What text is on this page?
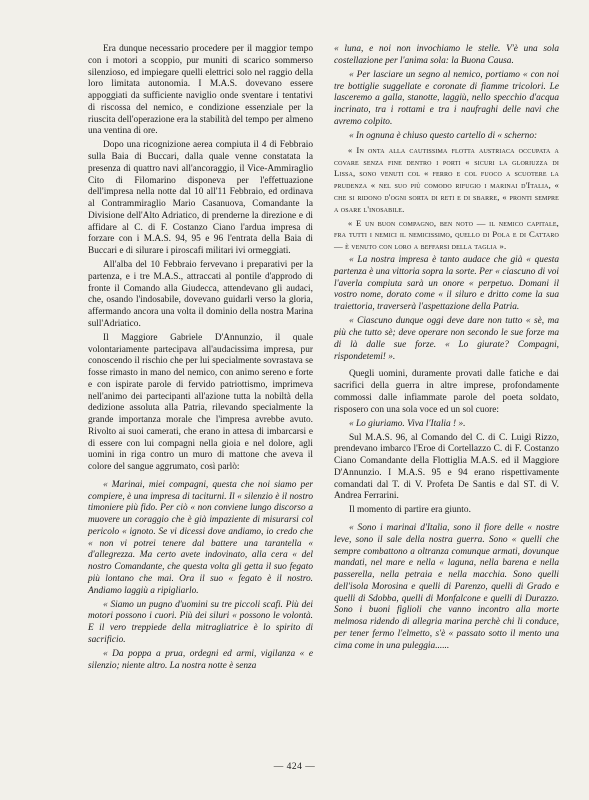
Era dunque necessario procedere per il maggior tempo con i motori a scoppio, pur muniti di scarico sommerso silenzioso, ed impiegare quelli elettrici solo nel raggio della loro limitata autonomia. I M.A.S. dovevano essere appoggiati da sufficiente naviglio onde sventare i tentativi di riscossa del nemico, e condizione essenziale per la riuscita dell'operazione era la stabilità del tempo per almeno una ventina di ore.

Dopo una ricognizione aerea compiuta il 4 di Febbraio sulla Baia di Buccari, dalla quale venne constatata la presenza di quattro navi all'ancoraggio, il Vice-Ammiraglio Cito di Filomarino disponeva per l'effettuazione dell'impresa nella notte dal 10 all'11 Febbraio, ed ordinava al Contrammiraglio Mario Casanuova, Comandante la Divisione dell'Alto Adriatico, di prenderne la direzione e di affidare al C. di F. Costanzo Ciano l'ardua impresa di forzare con i M.A.S. 94, 95 e 96 l'entrata della Baia di Buccari e di silurare i piroscafi militari ivi ormeggiati.

All'alba del 10 Febbraio fervevano i preparativi per la partenza, e i tre M.A.S., attraccati al pontile d'approdo di fronte il Comando alla Giudecca, attendevano gli audaci, che, osando l'indosabile, dovevano guidarli verso la gloria, affermando ancora una volta il dominio della nostra Marina sull'Adriatico.

Il Maggiore Gabriele D'Annunzio, il quale volontariamente partecipava all'audacissima impresa, pur conoscendo il rischio che per lui specialmente sovrastava se fosse rimasto in mano del nemico, con animo sereno e forte e con ispirate parole di fervido patriottismo, imprimeva nell'animo dei partecipanti all'azione tutta la nobiltà della dedizione assoluta alla Patria, rilevando specialmente la grande importanza morale che l'impresa avrebbe avuto. Rivolto ai suoi camerati, che erano in attesa di imbarcarsi e di essere con lui compagni nella gioia e nel dolore, agli uomini in riga contro un muro di mattone che aveva il colore del sangue aggrumato, così parlò:

« Marinai, miei compagni, questa che noi siamo per compiere, è una impresa di taciturni. Il « silenzio è il nostro timoniere più fido. Per ciò « non conviene lungo discorso a muovere un coraggio che è già impaziente di misurarsi col pericolo « ignoto. Se vi dicessi dove andiamo, io credo che « non vi potrei tenere dal battere una tarantella « d'allegrezza. Ma certo avete indovinato, alla cera « del nostro Comandante, che questa volta gli getta il suo fegato più lontano che mai. Ora il suo « fegato è il nostro. Andiamo laggiù a ripigliarlo.

« Siamo un pugno d'uomini su tre piccoli scafi. Più dei motori possono i cuori. Più dei siluri « possono le volontà. E il vero treppiede della mitragliatrice è lo spirito di sacrificio.

« Da poppa a prua, ordegni ed armi, vigilanza « e silenzio; niente altro. La nostra notte è senza

« luna, e noi non invochiamo le stelle. V'è una sola costellazione per l'anima sola: la Buona Causa.

« Per lasciare un segno al nemico, portiamo « con noi tre bottiglie suggellate e coronate di fiamme tricolori. Le lasceremo a galla, stanotte, laggiù, nello specchio d'acqua incrinato, tra i rottami e tra i naufraghi delle navi che avremo colpito.

« In ognuna è chiuso questo cartello di « scherno:

« In onta alla cautissima flotta austriaca occupata a covare senza fine dentro i porti « sicuri la gloriuzza di Lissa, sono venuti col « ferro e col fuoco a scuotere la prudenza « nel suo più comodo rifugio i marinai d'Italia, « che si ridono d'ogni sorta di reti e di sbarre, « pronti sempre a osare l'inosabile.

« E un buon compagno, ben noto — il nemico capitale, fra tutti i nemici il nemicissimo, quello di Pola e di Cattaro — è venuto con loro a beffarsi della taglia ».

« La nostra impresa è tanto audace che già « questa partenza è una vittoria sopra la sorte. Per « ciascuno di voi l'averla compiuta sarà un onore « perpetuo. Domani il vostro nome, dorato come « il siluro e dritto come la sua traiettoria, traverserà l'aspettazione della Patria.

« Ciascuno dunque oggi deve dare non tutto « sè, ma più che tutto sè; deve operare non secondo le sue forze ma di là dalle sue forze. « Lo giurate? Compagni, rispondetemi! ».

Quegli uomini, duramente provati dalle fatiche e dai sacrifici della guerra in altre imprese, profondamente commossi dalle infiammate parole del poeta soldato, risposero con una sola voce ed un sol cuore:

« Lo giuriamo. Viva l'Italia ! ».

Sul M.A.S. 96, al Comando del C. di C. Luigi Rizzo, prendevano imbarco l'Eroe di Cortellazzo C. di F. Costanzo Ciano Comandante della Flottiglia M.A.S. ed il Maggiore D'Annunzio. I M.A.S. 95 e 94 erano rispettivamente comandati dal T. di V. Profeta De Santis e dal ST. di V. Andrea Ferrarini.

Il momento di partire era giunto.

« Sono i marinai d'Italia, sono il fiore delle « nostre leve, sono il sale della nostra guerra. Sono « quelli che sempre combattono a oltranza comunque armati, dovunque mandati, nel mare e nella « laguna, nella barena e nella passerella, nella petraia e nella macchia. Sono quelli dell'isola Morosina e quelli di Parenzo, quelli di Grado e quelli di Sdobba, quelli di Monfalcone e quelli di Durazzo. Sono i buoni figlioli che vanno incontro alla morte melmosa ridendo di allegria marina perchè chi li conduce, per tener fermo l'elmetto, s'è « passato sotto il mento una cima come in una puleggia......

— 424 —
